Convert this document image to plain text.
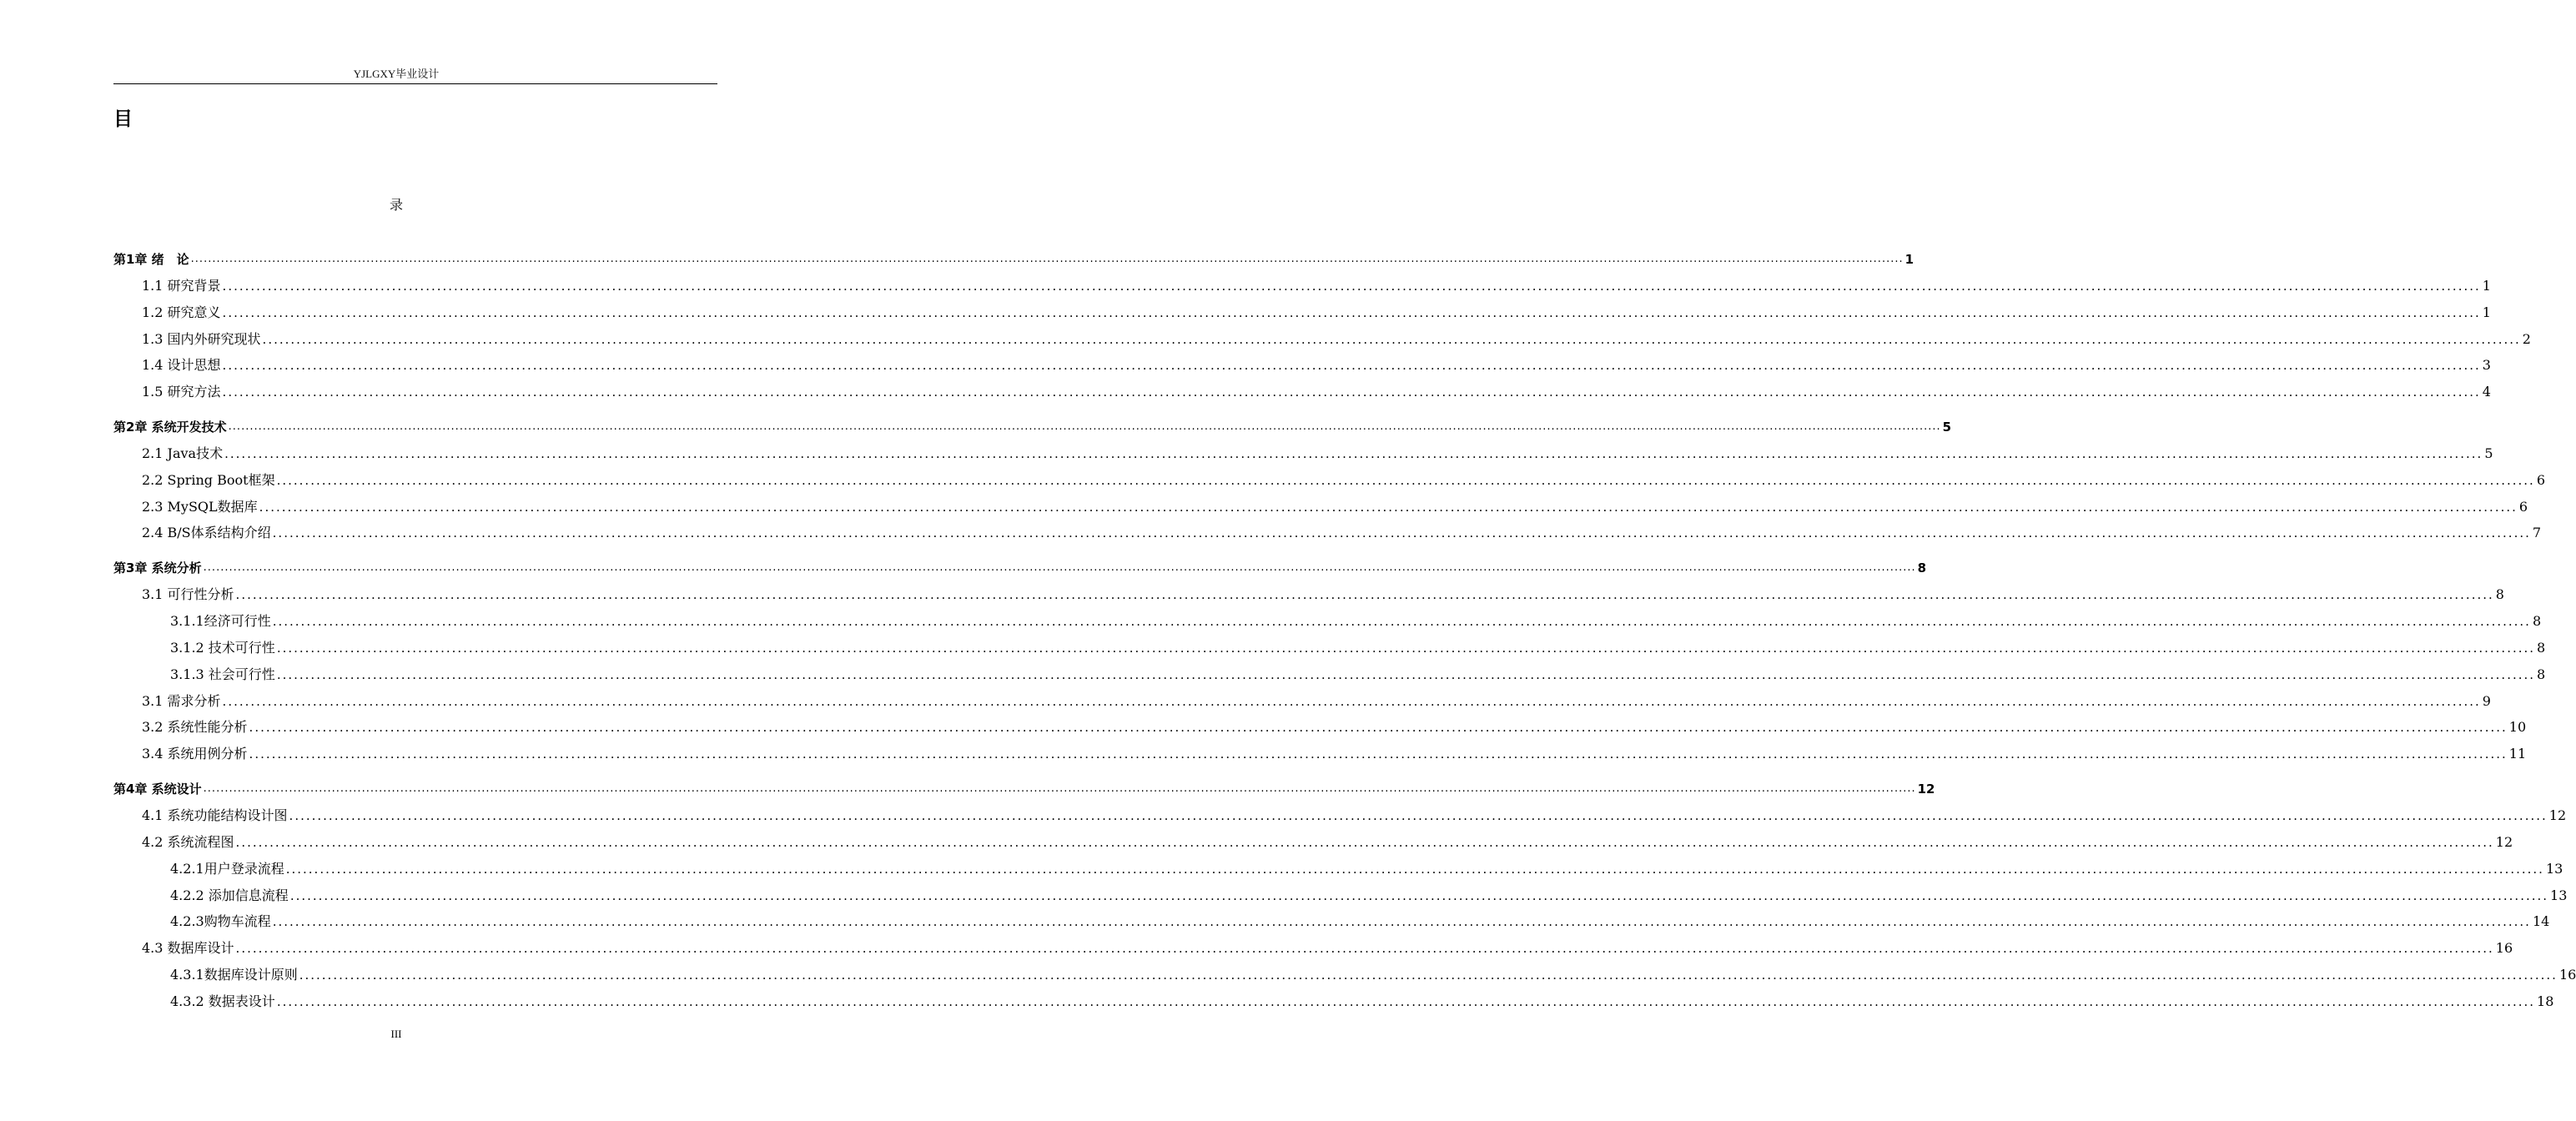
YJLGXY毕业设计
目
录
第1章 绪　论 ................................................................................................................................................................................................................................................................................................................................................................................................................ 1
1.1 研究背景 ................................................................................................................................................................................................................................................................................................................................................................................................................ 1
1.2 研究意义 ................................................................................................................................................................................................................................................................................................................................................................................................................ 1
1.3 国内外研究现状 ................................................................................................................................................................................................................................................................................................................................................................................................................ 2
1.4 设计思想 ................................................................................................................................................................................................................................................................................................................................................................................................................ 3
1.5 研究方法 ................................................................................................................................................................................................................................................................................................................................................................................................................ 4
第2章 系统开发技术 ................................................................................................................................................................................................................................................................................................................................................................................................................ 5
2.1 Java技术 ................................................................................................................................................................................................................................................................................................................................................................................................................ 5
2.2 Spring Boot框架 ................................................................................................................................................................................................................................................................................................................................................................................................................ 6
2.3 MySQL数据库 ................................................................................................................................................................................................................................................................................................................................................................................................................ 6
2.4 B/S体系结构介绍 ................................................................................................................................................................................................................................................................................................................................................................................................................ 7
第3章 系统分析 ................................................................................................................................................................................................................................................................................................................................................................................................................ 8
3.1 可行性分析 ................................................................................................................................................................................................................................................................................................................................................................................................................ 8
3.1.1经济可行性 ................................................................................................................................................................................................................................................................................................................................................................................................................ 8
3.1.2 技术可行性 ................................................................................................................................................................................................................................................................................................................................................................................................................ 8
3.1.3 社会可行性 ................................................................................................................................................................................................................................................................................................................................................................................................................ 8
3.1 需求分析 ................................................................................................................................................................................................................................................................................................................................................................................................................ 9
3.2 系统性能分析 ................................................................................................................................................................................................................................................................................................................................................................................................................ 10
3.4 系统用例分析 ................................................................................................................................................................................................................................................................................................................................................................................................................ 11
第4章 系统设计 ................................................................................................................................................................................................................................................................................................................................................................................................................ 12
4.1 系统功能结构设计图 ................................................................................................................................................................................................................................................................................................................................................................................................................ 12
4.2 系统流程图 ................................................................................................................................................................................................................................................................................................................................................................................................................ 12
4.2.1用户登录流程 ................................................................................................................................................................................................................................................................................................................................................................................................................ 13
4.2.2 添加信息流程 ................................................................................................................................................................................................................................................................................................................................................................................................................ 13
4.2.3购物车流程 ................................................................................................................................................................................................................................................................................................................................................................................................................ 14
4.3 数据库设计 ................................................................................................................................................................................................................................................................................................................................................................................................................ 16
4.3.1数据库设计原则 ................................................................................................................................................................................................................................................................................................................................................................................................................ 16
4.3.2 数据表设计 ................................................................................................................................................................................................................................................................................................................................................................................................................ 18
III
